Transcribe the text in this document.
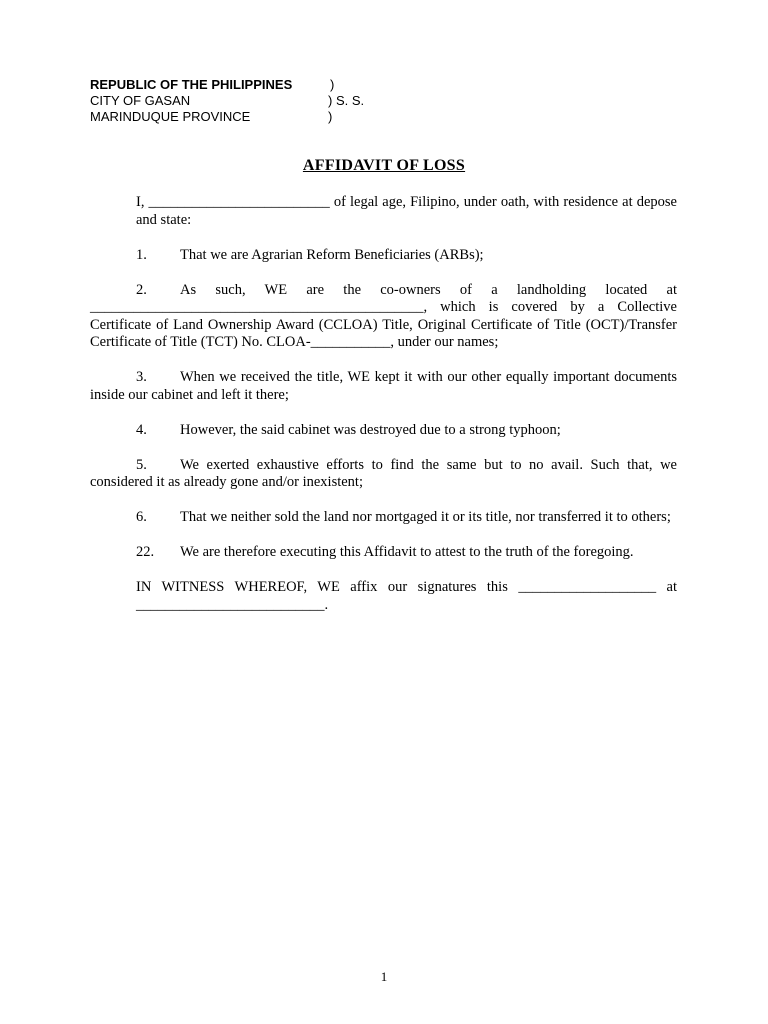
REPUBLIC OF THE PHILIPPINES	)
CITY OF GASAN	) S. S.
MARINDUQUE PROVINCE	)
AFFIDAVIT OF LOSS

I, _________________________ of legal age, Filipino, under oath, with residence at depose and state:

1. That we are Agrarian Reform Beneficiaries (ARBs);

2. As such, WE are the co-owners of a landholding located at ______________________________________________, which is covered by a Collective Certificate of Land Ownership Award (CCLOA) Title, Original Certificate of Title (OCT)/Transfer Certificate of Title (TCT) No. CLOA-___________, under our names;

3. When we received the title, WE kept it with our other equally important documents inside our cabinet and left it there;

4. However, the said cabinet was destroyed due to a strong typhoon;

5. We exerted exhaustive efforts to find the same but to no avail. Such that, we considered it as already gone and/or inexistent;

6. That we neither sold the land nor mortgaged it or its title, nor transferred it to others;

22. We are therefore executing this Affidavit to attest to the truth of the foregoing.

IN WITNESS WHEREOF, WE affix our signatures this ___________________ at __________________________.

1
